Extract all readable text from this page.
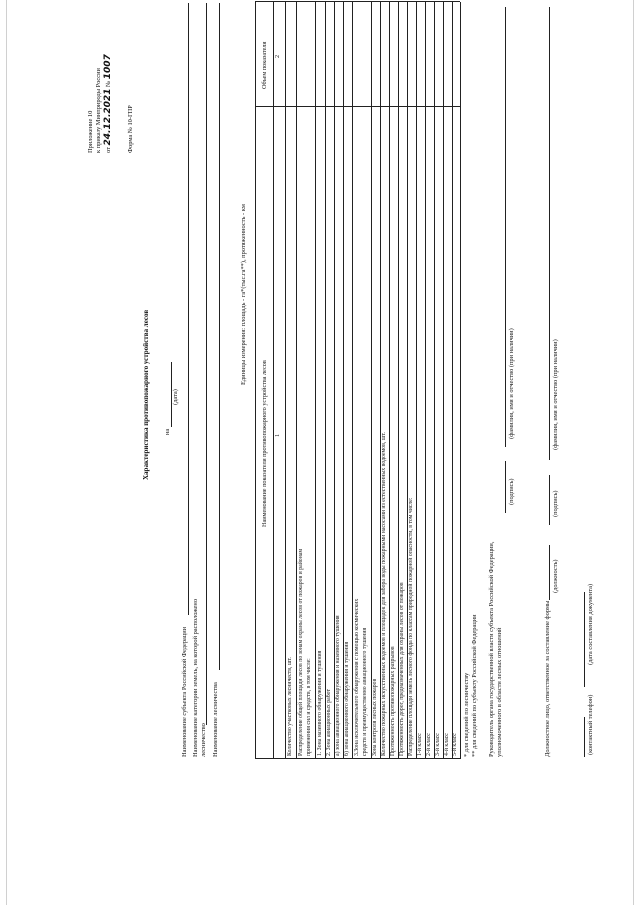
Приложение 10 к приказу Минприроды России от 24.12.2021 № 1007
Форма № 10-ГПР
Характеристика противопожарного устройства лесов на
(дата)
Наименование субъекта Российской Федерации Наименование категории земель, на которой расположено лесничество Наименование лесничества
Единицы измерения: площадь - га*(тыс.га**), протяженность - км
Наименование показателя противопожарного устройства лесов
Объем показателя
1
2
Количество участковых лесничеств, шт. Распределение общей площади лесов по зонам охраны лесов от пожаров и районам применения сил и средств, в том числе: 1. Зона наземного обнаружения и тушения 2. Зона авиационных работ а) зона авиационного обнаружения и наземного тушения б) зона авиационного обнаружения и тушения 3.Зона исключительного обнаружения с помощью космических средств и преимущественно авиационного тушения Зона контроля лесных пожаров Количество пожарных искусственных водоемов и площадок для забора воды пожарными насосами из естественных водоемов, шт. Протяженность противопожарных разрывов Протяженность дорог, предназначенных для охраны лесов от пожаров Распределение площади земель лесного фонда по классам природной пожарной опасности, в том числе: 1-й класс 2-й класс 3-й класс 4-й класс 5-й класс * для сведений по лесничеству ** для сведений по субъекту Российской Федерации Руководитель органа государственной власти субъекта Российской Федерации, уполномоченного в области лесных отношений
(подпись)
(фамилия, имя и отчество (при наличии)
Должностное лицо, ответственное за составление формы
(должность)
(подпись)
(фамилия, имя и отчество (при наличии)
(контактный телефон)
(дата составления документа)
